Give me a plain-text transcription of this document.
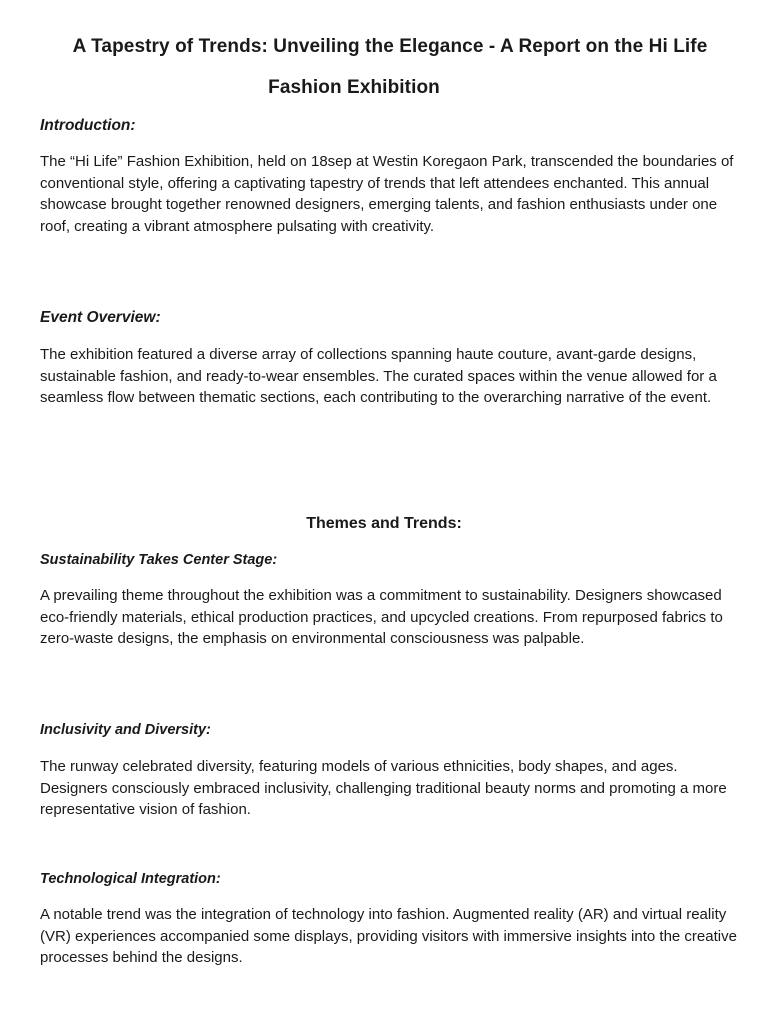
A Tapestry of Trends: Unveiling the Elegance - A Report on the Hi Life
Fashion Exhibition
Introduction:

The “Hi Life” Fashion Exhibition, held on 18sep at Westin Koregaon Park, transcended the boundaries of conventional style, offering a captivating tapestry of trends that left attendees enchanted. This annual showcase brought together renowned designers, emerging talents, and fashion enthusiasts under one roof, creating a vibrant atmosphere pulsating with creativity.

Event Overview:

The exhibition featured a diverse array of collections spanning haute couture, avant-garde designs, sustainable fashion, and ready-to-wear ensembles. The curated spaces within the venue allowed for a seamless flow between thematic sections, each contributing to the overarching narrative of the event.

Themes and Trends:
Sustainability Takes Center Stage:

A prevailing theme throughout the exhibition was a commitment to sustainability. Designers showcased eco-friendly materials, ethical production practices, and upcycled creations. From repurposed fabrics to zero-waste designs, the emphasis on environmental consciousness was palpable.

Inclusivity and Diversity:

The runway celebrated diversity, featuring models of various ethnicities, body shapes, and ages. Designers consciously embraced inclusivity, challenging traditional beauty norms and promoting a more representative vision of fashion.

Technological Integration:

A notable trend was the integration of technology into fashion. Augmented reality (AR) and virtual reality (VR) experiences accompanied some displays, providing visitors with immersive insights into the creative processes behind the designs.
